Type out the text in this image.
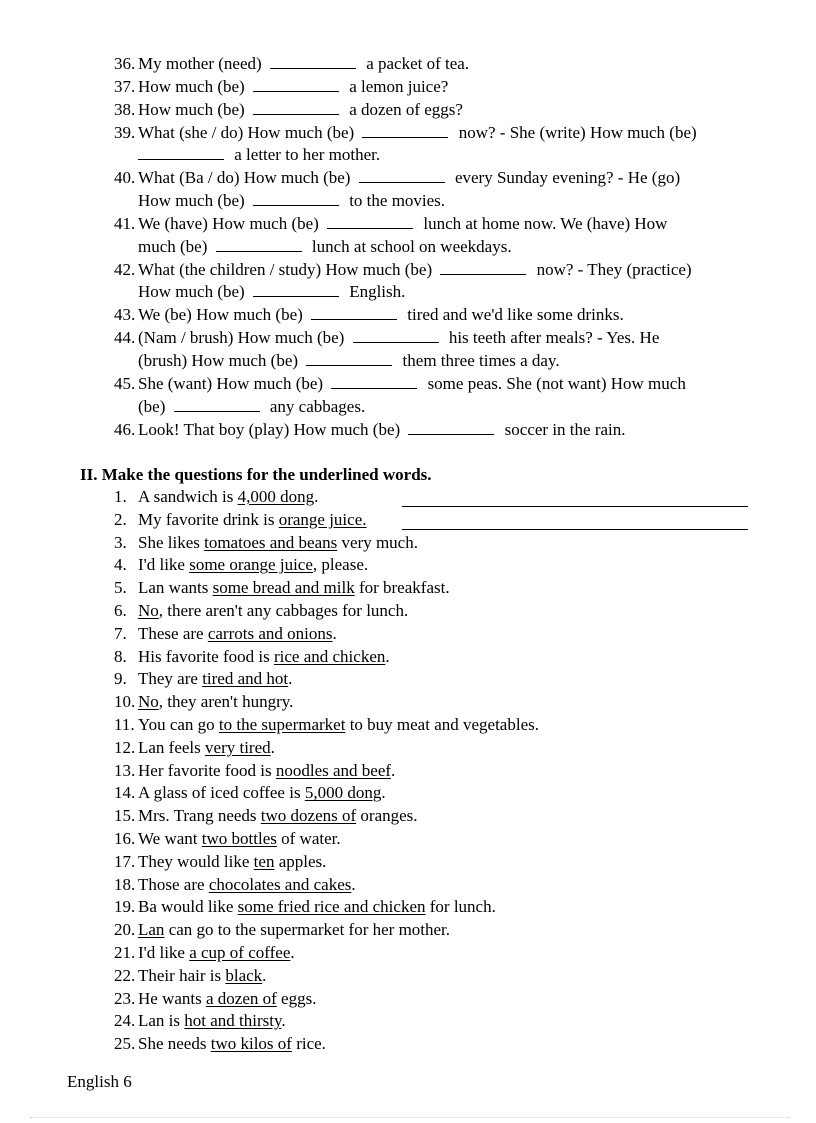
36. My mother (need)	a packet of tea.
37. How much (be)	a lemon juice?
38. How much (be)	a dozen of eggs?
39. What (she / do) How much (be)	now? - She (write) How much (be)
a letter to her mother.
40. What (Ba / do) How much (be)	every Sunday evening? - He (go)
How much (be)	to the movies.
41. We (have) How much (be)	lunch at home now. We (have) How
much (be)	lunch at school on weekdays.
42. What (the children / study) How much (be)	now? - They (practice)
How much (be)	English.
43. We (be) How much (be)	tired and we'd like some drinks.
44. (Nam / brush) How much (be)	his teeth after meals? - Yes. He
(brush) How much (be)	them three times a day.
45. She (want) How much (be)	some peas. She (not want) How much
(be)	any cabbages.
46. Look! That boy (play) How much (be)	soccer in the rain.
II. Make the questions for the underlined words.
1. A sandwich is 4,000 dong.
2. My favorite drink is orange juice.
3. She likes tomatoes and beans very much.
4. I'd like some orange juice, please.
5. Lan wants some bread and milk for breakfast.
6. No, there aren't any cabbages for lunch.
7. These are carrots and onions.
8. His favorite food is rice and chicken.
9. They are tired and hot.
10. No, they aren't hungry.
11. You can go to the supermarket to buy meat and vegetables.
12. Lan feels very tired.
13. Her favorite food is noodles and beef.
14. A glass of iced coffee is 5,000 dong.
15. Mrs. Trang needs two dozens of oranges.
16. We want two bottles of water.
17. They would like ten apples.
18. Those are chocolates and cakes.
19. Ba would like some fried rice and chicken for lunch.
20. Lan can go to the supermarket for her mother.
21. I'd like a cup of coffee.
22. Their hair is black.
23. He wants a dozen of eggs.
24. Lan is hot and thirsty.
25. She needs two kilos of rice.
English 6
